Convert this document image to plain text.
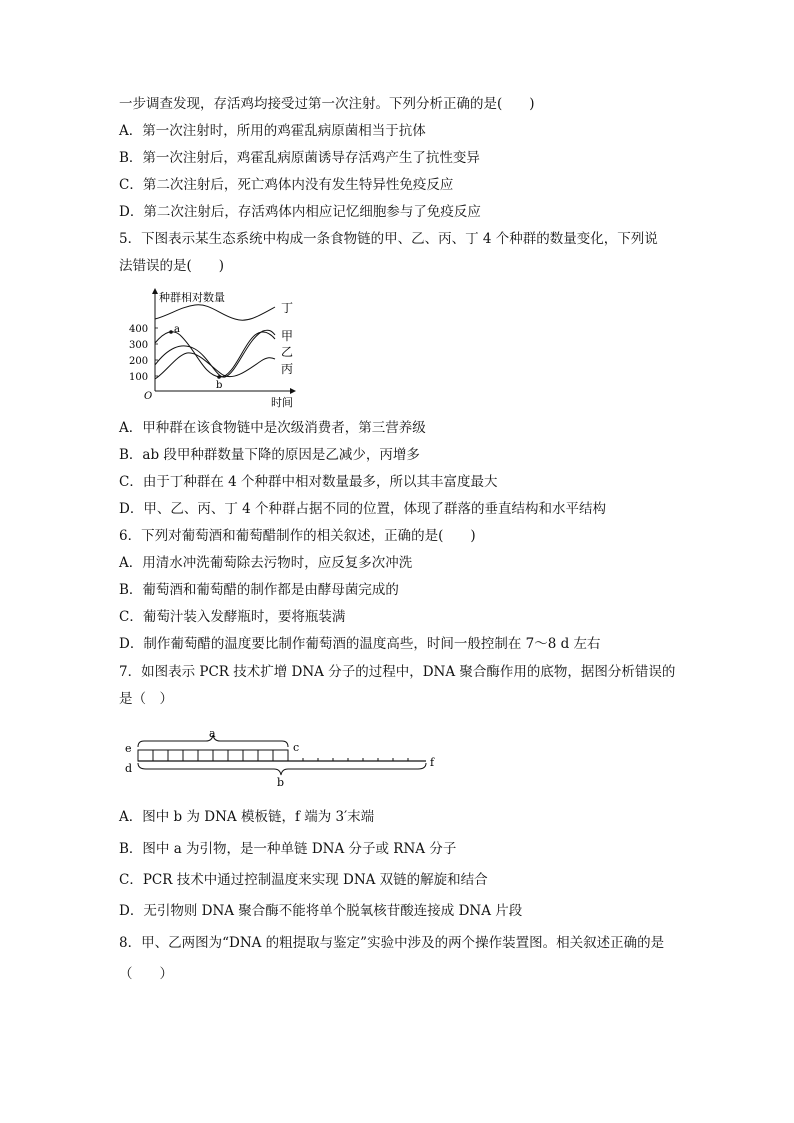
一步调查发现，存活鸡均接受过第一次注射。下列分析正确的是(　　)
A．第一次注射时，所用的鸡霍乱病原菌相当于抗体
B．第一次注射后，鸡霍乱病原菌诱导存活鸡产生了抗性变异
C．第二次注射后，死亡鸡体内没有发生特异性免疫反应
D．第二次注射后，存活鸡体内相应记忆细胞参与了免疫反应
5．下图表示某生态系统中构成一条食物链的甲、乙、丙、丁 4 个种群的数量变化，下列说
法错误的是(　　)
种群相对数量
时间
O
400
300
200
100
a
b
丁
甲
乙
丙
A．甲种群在该食物链中是次级消费者，第三营养级
B．ab 段甲种群数量下降的原因是乙减少，丙增多
C．由于丁种群在 4 个种群中相对数量最多，所以其丰富度最大
D．甲、乙、丙、丁 4 个种群占据不同的位置，体现了群落的垂直结构和水平结构
6．下列对葡萄酒和葡萄醋制作的相关叙述，正确的是(　　)
A．用清水冲洗葡萄除去污物时，应反复多次冲洗
B．葡萄酒和葡萄醋的制作都是由酵母菌完成的
C．葡萄汁装入发酵瓶时，要将瓶装满
D．制作葡萄醋的温度要比制作葡萄酒的温度高些，时间一般控制在 7～8 d 左右
7．如图表示 PCR 技术扩增 DNA 分子的过程中，DNA 聚合酶作用的底物，据图分析错误的
是（　）
a
b
e
d
c
f
A．图中 b 为 DNA 模板链，f 端为 3′末端
B．图中 a 为引物，是一种单链 DNA 分子或 RNA 分子
C．PCR 技术中通过控制温度来实现 DNA 双链的解旋和结合
D．无引物则 DNA 聚合酶不能将单个脱氧核苷酸连接成 DNA 片段
8．甲、乙两图为“DNA 的粗提取与鉴定”实验中涉及的两个操作装置图。相关叙述正确的是
（　　）
